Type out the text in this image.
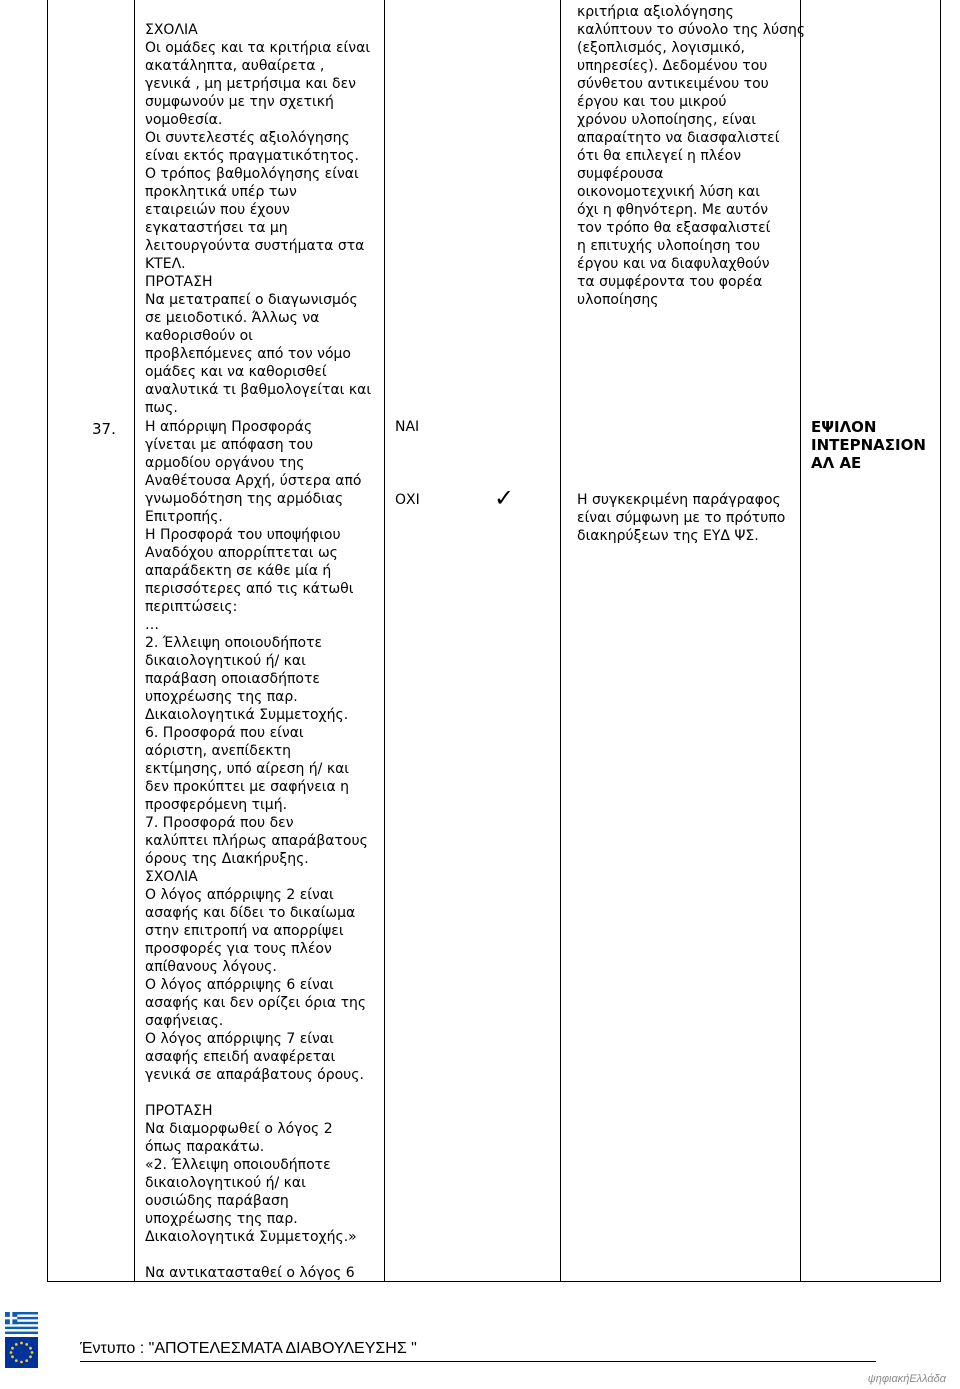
37.
ΣΧΟΛΙΑ
Οι ομάδες και τα κριτήρια είναι
ακατάληπτα, αυθαίρετα ,
γενικά , μη μετρήσιμα και δεν
συμφωνούν με την σχετική
νομοθεσία.
Οι συντελεστές αξιολόγησης
είναι εκτός πραγματικότητος.
Ο τρόπος βαθμολόγησης είναι
προκλητικά υπέρ των
εταιρειών που έχουν
εγκαταστήσει τα μη
λειτουργούντα συστήματα στα
ΚΤΕΛ.
ΠΡΟΤΑΣΗ
Να μετατραπεί ο διαγωνισμός
σε μειοδοτικό. Άλλως να
καθορισθούν οι
προβλεπόμενες από τον νόμο
ομάδες και να καθορισθεί
αναλυτικά τι βαθμολογείται και
πως.
Η απόρριψη Προσφοράς
γίνεται με απόφαση του
αρμοδίου οργάνου της
Αναθέτουσα Αρχή, ύστερα από
γνωμοδότηση της αρμόδιας
Επιτροπής.
Η Προσφορά του υποψήφιου
Αναδόχου απορρίπτεται ως
απαράδεκτη σε κάθε μία ή
περισσότερες από τις κάτωθι
περιπτώσεις:
…
2. Έλλειψη οποιουδήποτε
δικαιολογητικού ή/ και
παράβαση οποιασδήποτε
υποχρέωσης της παρ.
Δικαιολογητικά Συμμετοχής.
6. Προσφορά που είναι
αόριστη, ανεπίδεκτη
εκτίμησης, υπό αίρεση ή/ και
δεν προκύπτει με σαφήνεια η
προσφερόμενη τιμή.
7. Προσφορά που δεν
καλύπτει πλήρως απαράβατους
όρους της Διακήρυξης.
ΣΧΟΛΙΑ
Ο λόγος απόρριψης 2 είναι
ασαφής και δίδει το δικαίωμα
στην επιτροπή να απορρίψει
προσφορές για τους πλέον
απίθανους λόγους.
Ο λόγος απόρριψης 6 είναι
ασαφής και δεν ορίζει όρια της
σαφήνειας.
Ο λόγος απόρριψης 7 είναι
ασαφής επειδή αναφέρεται
γενικά σε απαράβατους όρους.
ΠΡΟΤΑΣΗ
Να διαμορφωθεί ο λόγος 2
όπως παρακάτω.
«2. Έλλειψη οποιουδήποτε
δικαιολογητικού ή/ και
ουσιώδης παράβαση
υποχρέωσης της παρ.
Δικαιολογητικά Συμμετοχής.»
Να αντικατασταθεί ο λόγος 6
ΝΑΙ
ΟΧΙ	✓
κριτήρια αξιολόγησης
καλύπτουν το σύνολο της λύσης
(εξοπλισμός, λογισμικό,
υπηρεσίες). Δεδομένου του
σύνθετου αντικειμένου του
έργου και του μικρού
χρόνου υλοποίησης, είναι
απαραίτητο να διασφαλιστεί
ότι θα επιλεγεί η πλέον
συμφέρουσα
οικονομοτεχνική λύση και
όχι η φθηνότερη. Με αυτόν
τον τρόπο θα εξασφαλιστεί
η επιτυχής υλοποίηση του
έργου και να διαφυλαχθούν
τα συμφέροντα του φορέα
υλοποίησης
Η συγκεκριμένη παράγραφος
είναι σύμφωνη με το πρότυπο
διακηρύξεων της ΕΥΔ ΨΣ.
ΕΨΙΛΟΝ
ΙΝΤΕΡΝΑΣΙΟΝ
ΑΛ ΑΕ
Έντυπο : "ΑΠΟΤΕΛΕΣΜΑΤΑ ΔΙΑΒΟΥΛΕΥΣΗΣ "
ψηφιακήΕλλάδα
